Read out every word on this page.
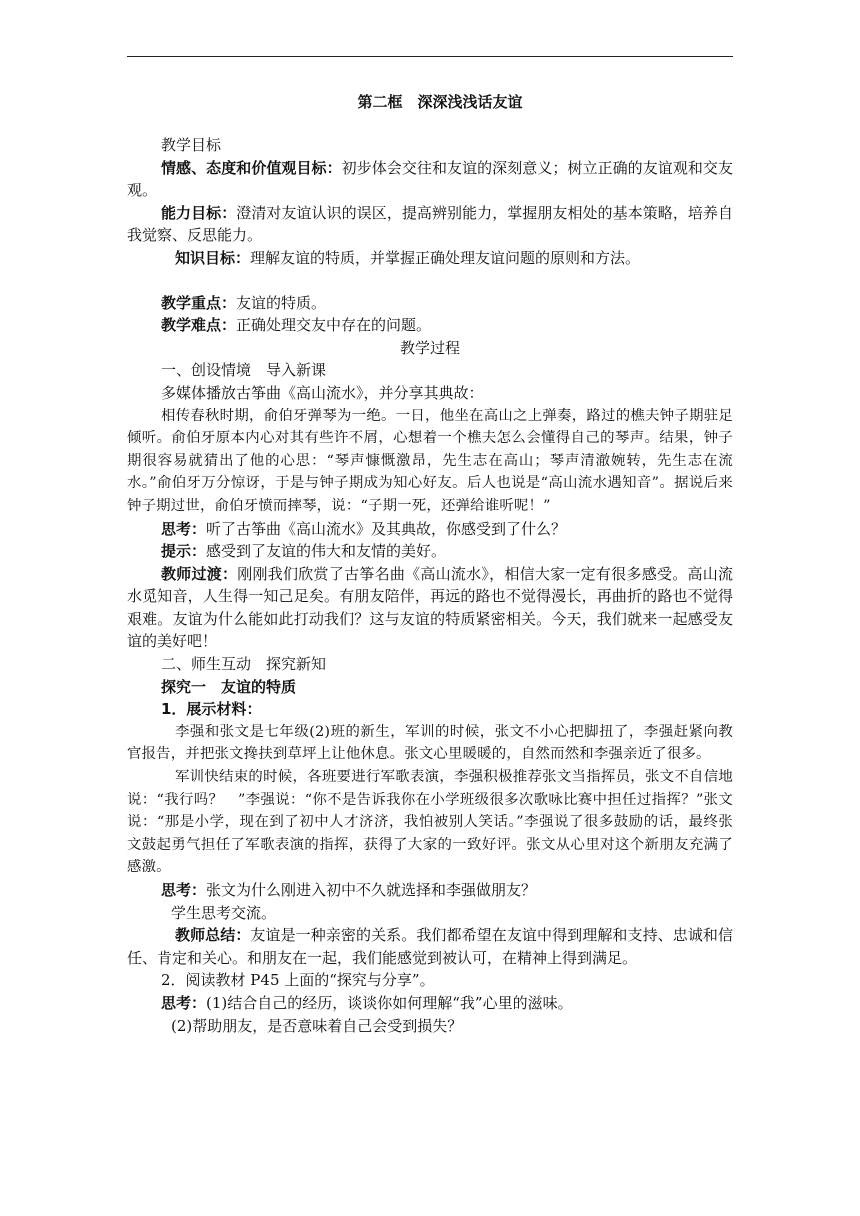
第二框　深深浅浅话友谊
教学目标
情感、态度和价值观目标：初步体会交往和友谊的深刻意义；树立正确的友谊观和交友观。
能力目标：澄清对友谊认识的误区，提高辨别能力，掌握朋友相处的基本策略，培养自我觉察、反思能力。
知识目标：理解友谊的特质，并掌握正确处理友谊问题的原则和方法。
教学重点：友谊的特质。
教学难点：正确处理交友中存在的问题。
教学过程
一、创设情境　导入新课
多媒体播放古筝曲《高山流水》，并分享其典故：
相传春秋时期，俞伯牙弹琴为一绝。一日，他坐在高山之上弹奏，路过的樵夫钟子期驻足倾听。俞伯牙原本内心对其有些许不屑，心想着一个樵夫怎么会懂得自己的琴声。结果，钟子期很容易就猜出了他的心思：“琴声慷慨激昂，先生志在高山；琴声清澈婉转，先生志在流水。”俞伯牙万分惊讶，于是与钟子期成为知心好友。后人也说是“高山流水遇知音”。据说后来钟子期过世，俞伯牙愤而摔琴，说：“子期一死，还弹给谁听呢！”
思考：听了古筝曲《高山流水》及其典故，你感受到了什么？
提示：感受到了友谊的伟大和友情的美好。
教师过渡：刚刚我们欣赏了古筝名曲《高山流水》，相信大家一定有很多感受。高山流水觅知音，人生得一知己足矣。有朋友陪伴，再远的路也不觉得漫长，再曲折的路也不觉得艰难。友谊为什么能如此打动我们？这与友谊的特质紧密相关。今天，我们就来一起感受友谊的美好吧！
二、师生互动　探究新知
探究一　友谊的特质
1．展示材料：
李强和张文是七年级(2)班的新生，军训的时候，张文不小心把脚扭了，李强赶紧向教官报告，并把张文搀扶到草坪上让他休息。张文心里暖暖的，自然而然和李强亲近了很多。
军训快结束的时候，各班要进行军歌表演，李强积极推荐张文当指挥员，张文不自信地说：“我行吗？　”李强说：“你不是告诉我你在小学班级很多次歌咏比赛中担任过指挥？”张文说：“那是小学，现在到了初中人才济济，我怕被别人笑话。”李强说了很多鼓励的话，最终张文鼓起勇气担任了军歌表演的指挥，获得了大家的一致好评。张文从心里对这个新朋友充满了感激。
思考：张文为什么刚进入初中不久就选择和李强做朋友？
学生思考交流。
教师总结：友谊是一种亲密的关系。我们都希望在友谊中得到理解和支持、忠诚和信任、肯定和关心。和朋友在一起，我们能感觉到被认可，在精神上得到满足。
2．阅读教材 P45 上面的“探究与分享”。
思考：(1)结合自己的经历，谈谈你如何理解“我”心里的滋味。
(2)帮助朋友，是否意味着自己会受到损失？
